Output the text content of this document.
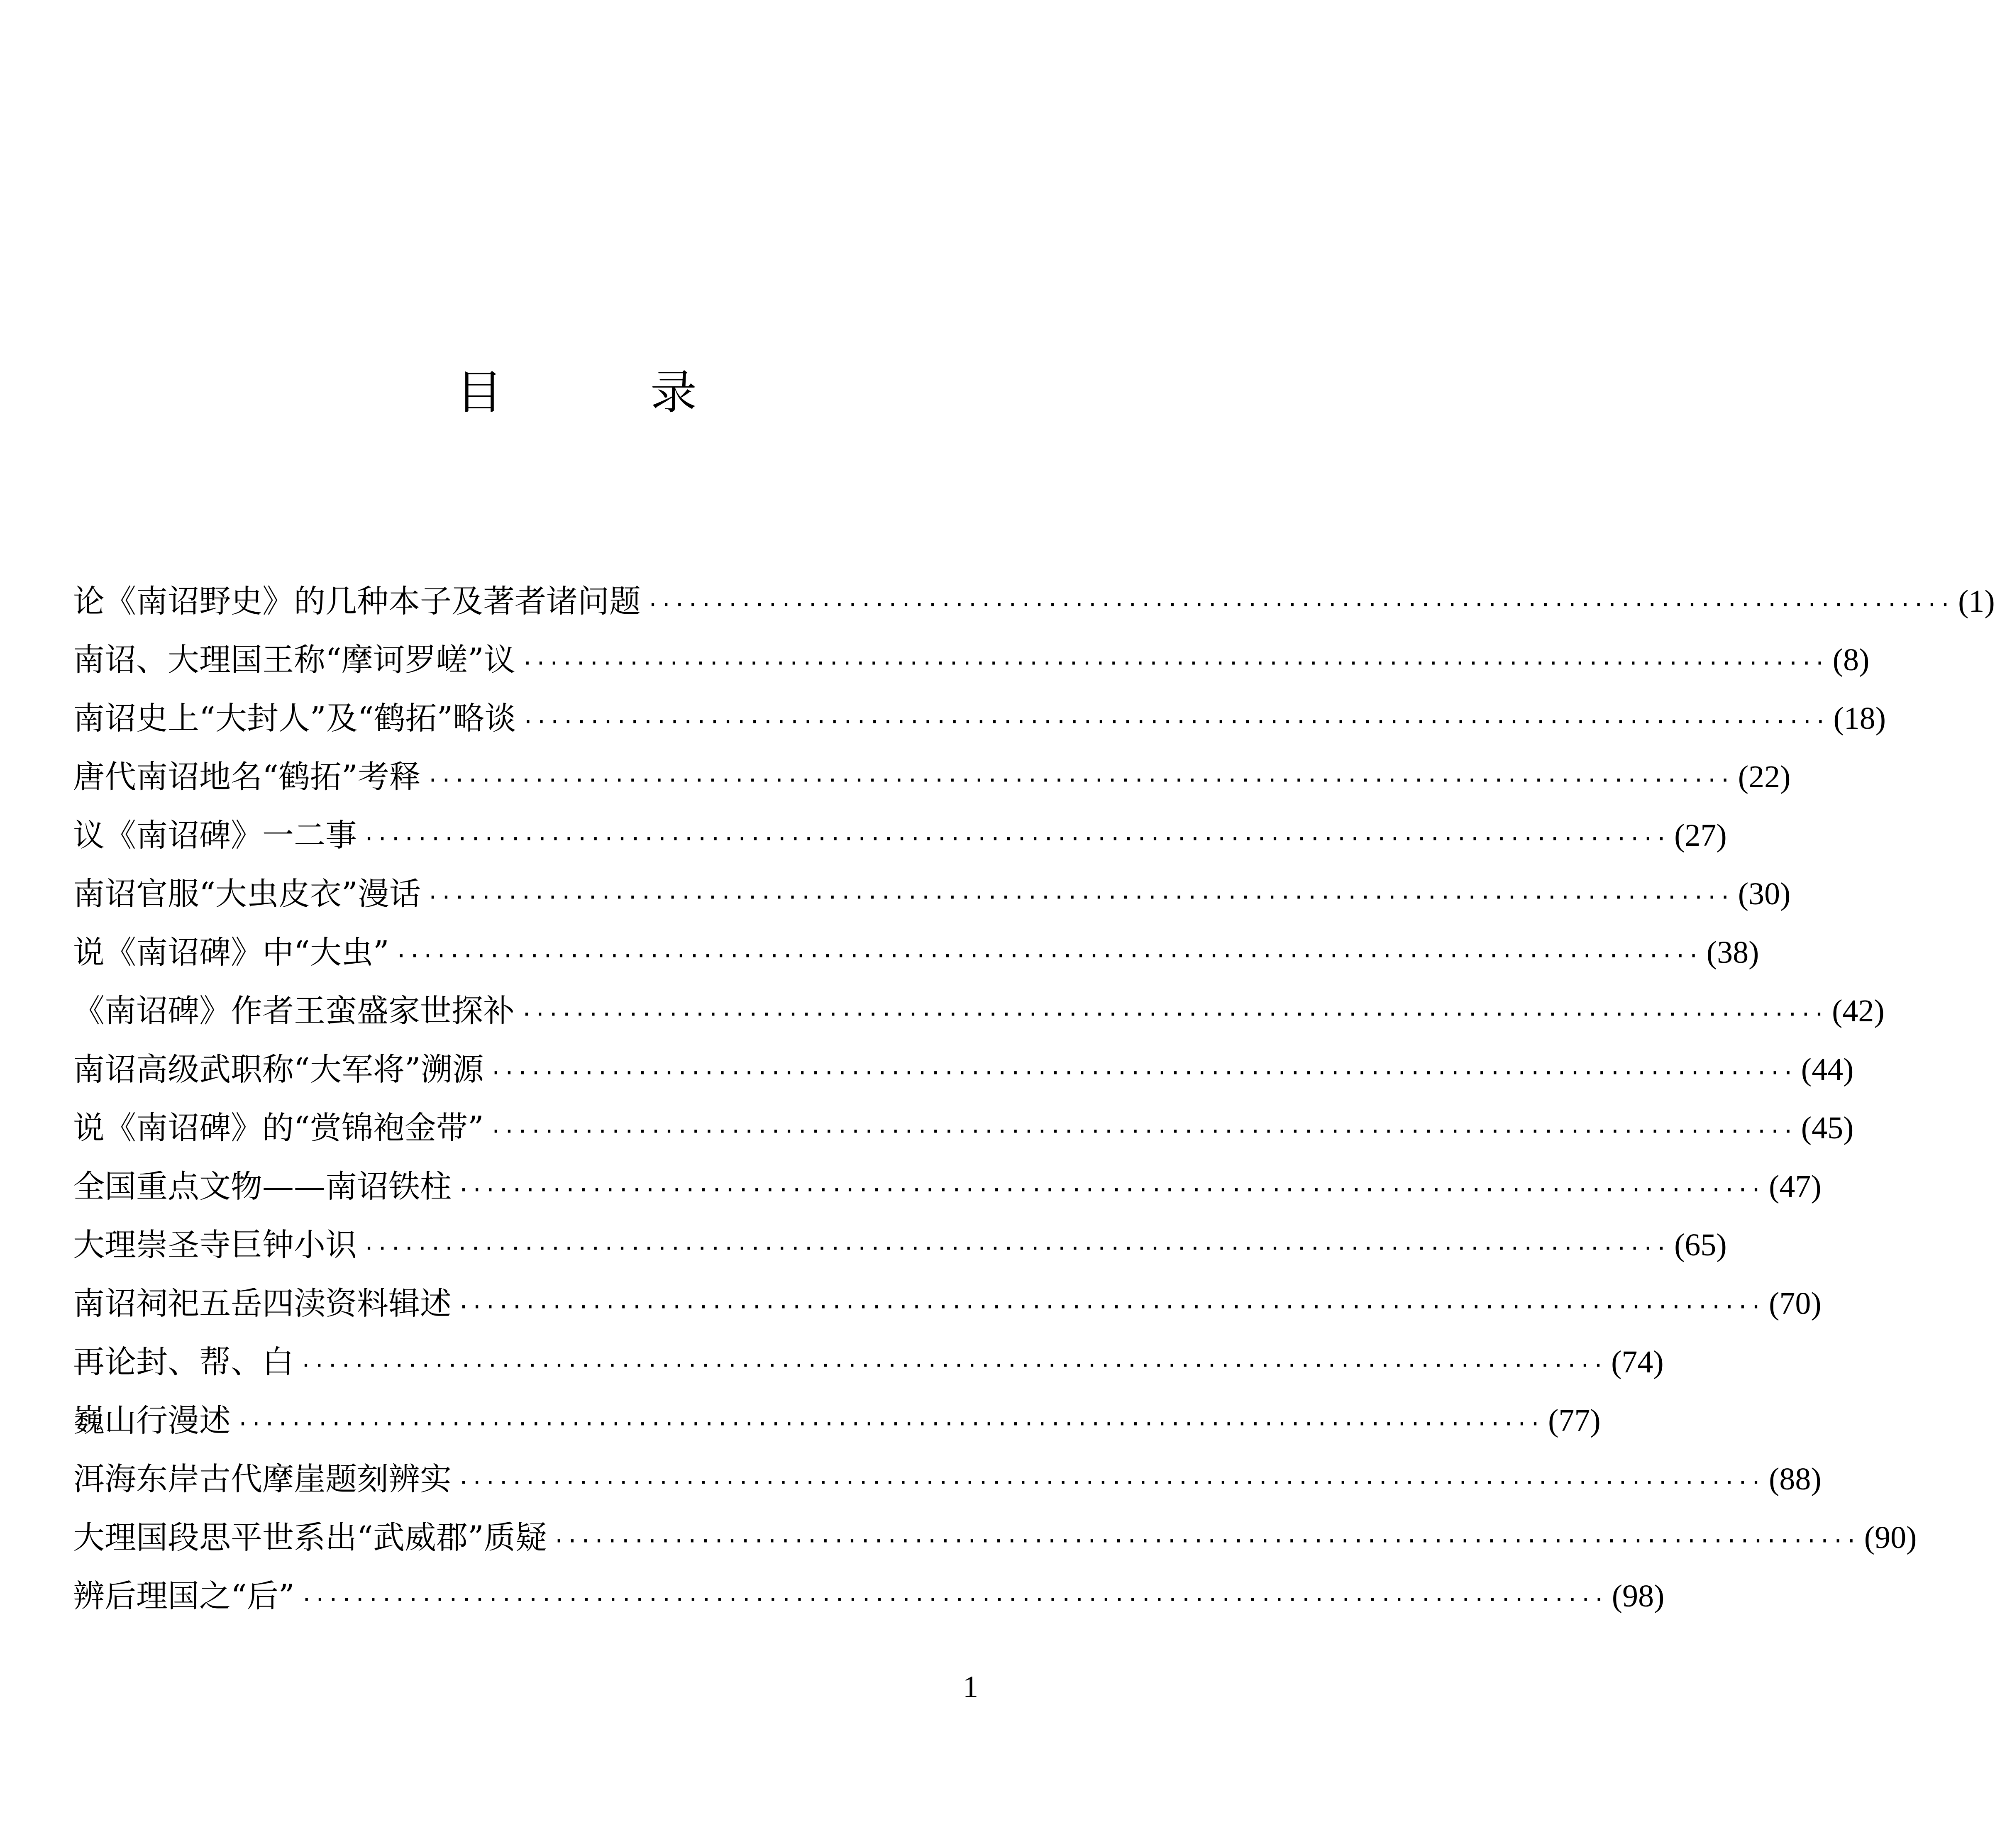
目          录
论《南诏野史》的几种本子及著者诸问题 ·································································································· (1)
南诏、大理国王称“摩诃罗嵯”议 ·································································································· (8)
南诏史上“大封人”及“鹤拓”略谈 ·································································································· (18)
唐代南诏地名“鹤拓”考释 ·································································································· (22)
议《南诏碑》一二事 ·································································································· (27)
南诏官服“大虫皮衣”漫话 ·································································································· (30)
说《南诏碑》中“大虫” ·································································································· (38)
《南诏碑》作者王蛮盛家世探补 ·································································································· (42)
南诏高级武职称“大军将”溯源 ·································································································· (44)
说《南诏碑》的“赏锦袍金带” ·································································································· (45)
全国重点文物——南诏铁柱 ·································································································· (47)
大理崇圣寺巨钟小识 ·································································································· (65)
南诏祠祀五岳四渎资料辑述 ·································································································· (70)
再论封、帮、白 ·································································································· (74)
巍山行漫述 ·································································································· (77)
洱海东岸古代摩崖题刻辨实 ·································································································· (88)
大理国段思平世系出“武威郡”质疑 ·································································································· (90)
辨后理国之“后” ·································································································· (98)
1
